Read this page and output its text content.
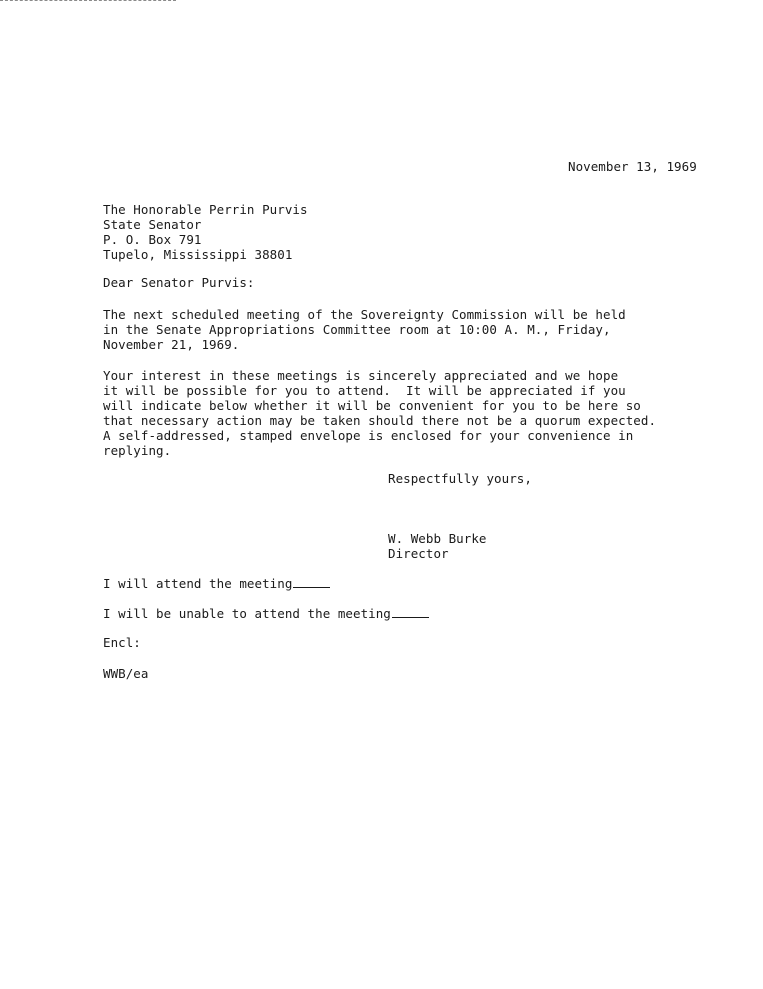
November 13, 1969
The Honorable Perrin Purvis
State Senator
P. O. Box 791
Tupelo, Mississippi 38801
Dear Senator Purvis:
The next scheduled meeting of the Sovereignty Commission will be held
in the Senate Appropriations Committee room at 10:00 A. M., Friday,
November 21, 1969.
Your interest in these meetings is sincerely appreciated and we hope
it will be possible for you to attend.  It will be appreciated if you
will indicate below whether it will be convenient for you to be here so
that necessary action may be taken should there not be a quorum expected.
A self-addressed, stamped envelope is enclosed for your convenience in
replying.
Respectfully yours,
W. Webb Burke
Director
I will attend the meeting
I will be unable to attend the meeting
Encl:
WWB/ea
